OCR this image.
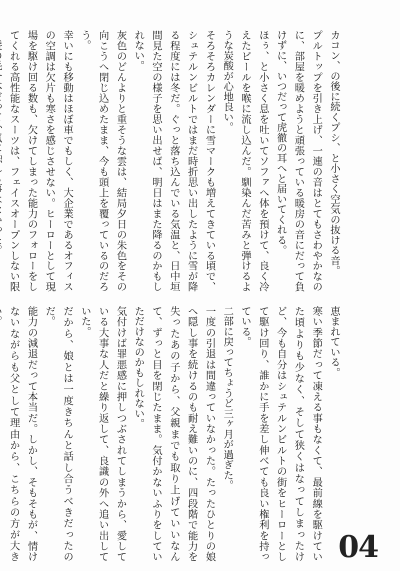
カコン、の後に続くプシ、と小さく空気の抜ける音。

プルトップを引き上げ、一連の音はとてもさわやかなのに、部屋を暖めようと頑張っている暖房の音にだって負けずに、いつだって虎徹の耳へと届いてくれる。

ほぅ、と小さく息を吐いてソファへ体を預けて、良く冷えたビールを喉に流し込んだ。馴染んだ苦みと弾けるような炭酸が心地良い。

そろそろカレンダーに雪マークも増えてきている頃で、シュテルンビルトではまだ時折思い出したように雪が降る程度には冬だ。ぐっと落ち込んでいる気温と、日中垣間見た空の様子を思い出せば、明日はまた降るのかもしれない。

灰色のどんよりと重そうな雲は、結局夕日の朱色をその向こうへ閉じ込めたまま、今も頭上を覆っているのだろう。

幸いにも移動はほぼ車でもしく、大企業であるオフィスの空調は欠片も寒さを感じさせない。ヒーローとして現場を駆け回る数も、欠けてしまった能力のフォローをしてくれる高性能なスーツは、フェイスオープンしない限

恵まれている。

寒い季節だって凍える事もなくて、最前線を駆けていた頃よりも少なく、そして狭くはなってしまったけど、今も自分はシュテルンビルトの街をヒーローとして駆け回り、誰かに手を差し伸べても良い権利を持っている。

二部に戻ってちょうど三ヶ月が過ぎた。

一度の引退は間違っていなかった。たったひとりの娘へ隠し事を続けるのも耐え難いのに、四段階で能力を失ったあの子から、父親までも取り上げていいなんて、ずっと目を閉じたまま。気付かないふりをしていただけなのかもしれない。

気付けば罪悪感に押しつぶされてしまうから、愛している大事な人だと繰り返して、良識の外へ追い出していた。

だから、娘とは一度きちんと話し合うべきだったのだ。

能力の減退だって本当だ。しかし、そもそもが、情けないながらも父として理由から、こちらの方が大き	04
